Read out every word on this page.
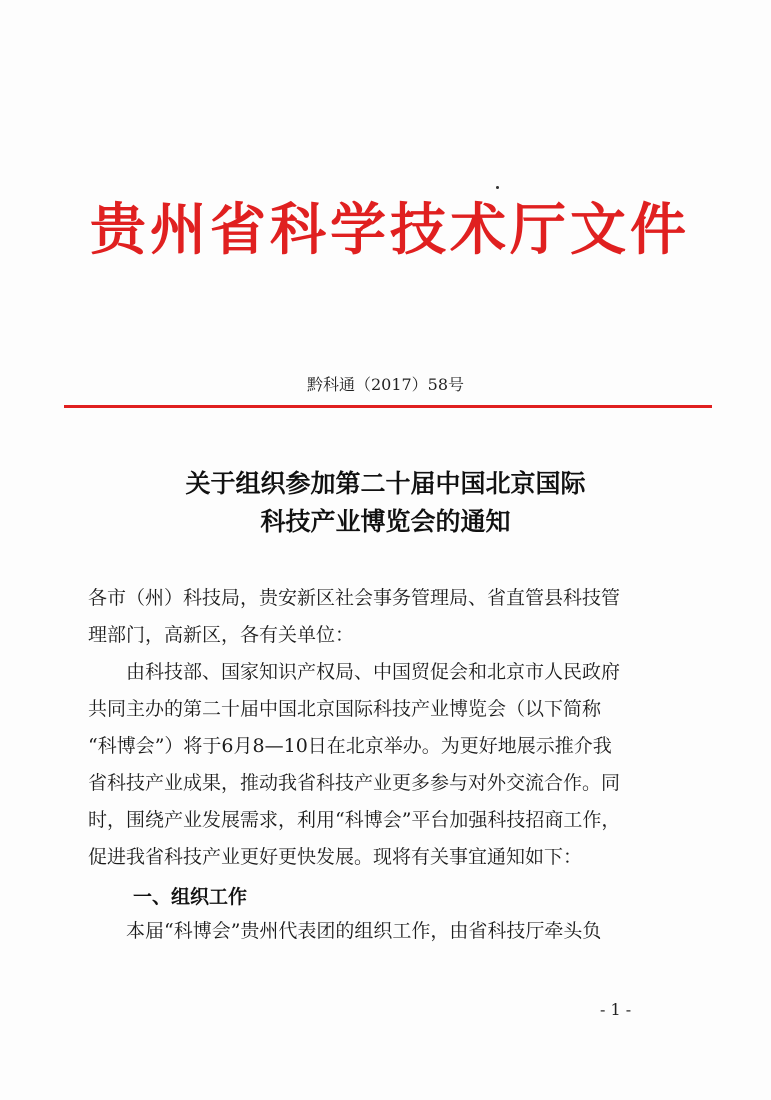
贵州省科学技术厅文件
黔科通（2017）58号
关于组织参加第二十届中国北京国际
科技产业博览会的通知
各市（州）科技局，贵安新区社会事务管理局、省直管县科技管
理部门，高新区，各有关单位：
　　由科技部、国家知识产权局、中国贸促会和北京市人民政府
共同主办的第二十届中国北京国际科技产业博览会（以下简称
“科博会”）将于6月8—10日在北京举办。为更好地展示推介我
省科技产业成果，推动我省科技产业更多参与对外交流合作。同
时，围绕产业发展需求，利用“科博会”平台加强科技招商工作，
促进我省科技产业更好更快发展。现将有关事宜通知如下：
一、组织工作
　　本届“科博会”贵州代表团的组织工作，由省科技厅牵头负
- 1 -
